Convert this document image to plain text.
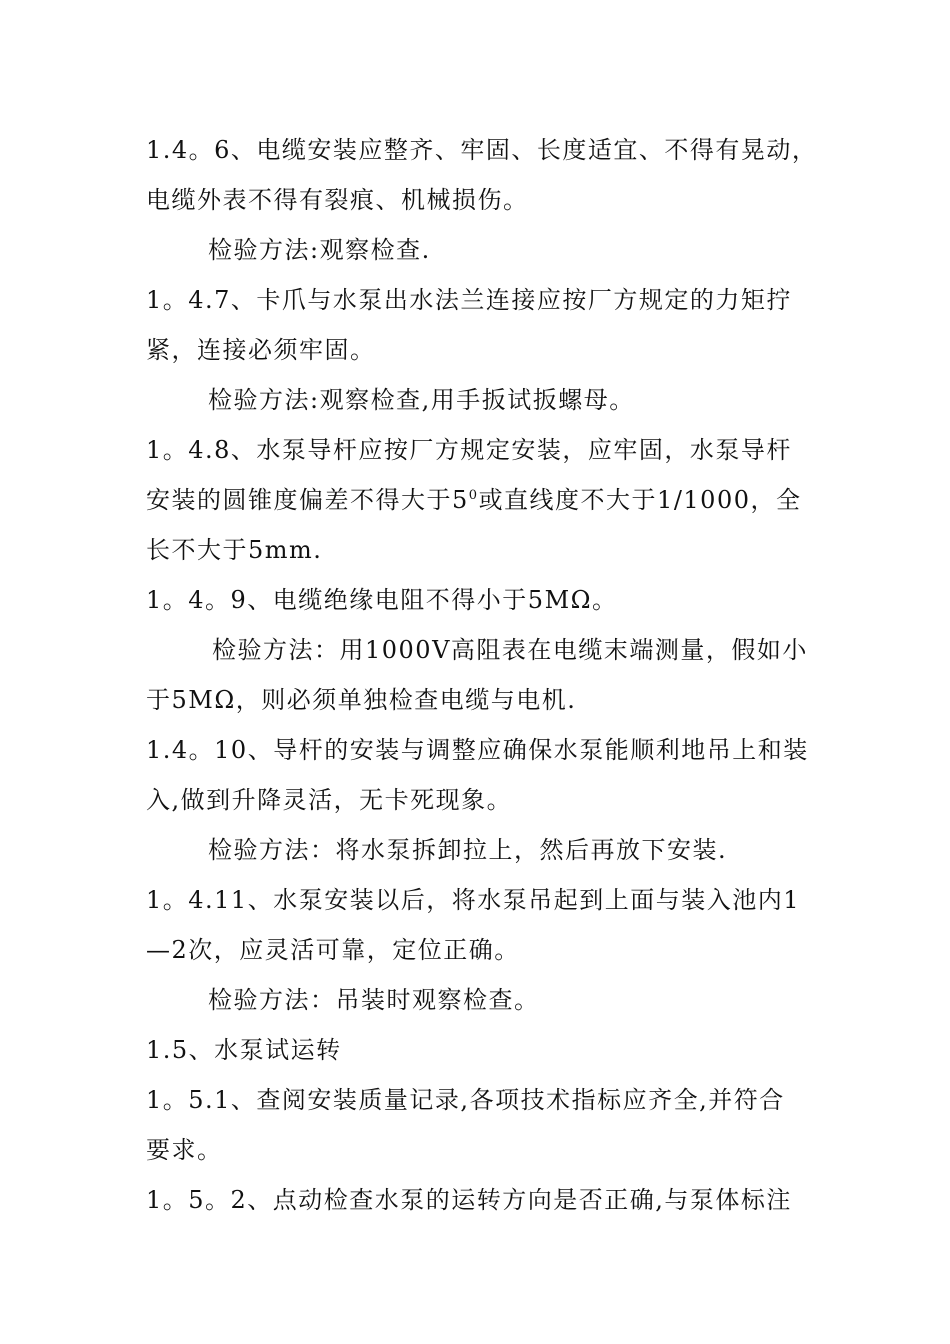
1.4。6、电缆安装应整齐、牢固、长度适宜、不得有晃动，
电缆外表不得有裂痕、机械损伤。
检验方法:观察检查.
1。4.7、卡爪与水泵出水法兰连接应按厂方规定的力矩拧
紧，连接必须牢固。
检验方法:观察检查,用手扳试扳螺母。
1。4.8、水泵导杆应按厂方规定安装，应牢固，水泵导杆
安装的圆锥度偏差不得大于$5^0$或直线度不大于1/1000，全
长不大于5mm.
1。4。9、电缆绝缘电阻不得小于5MΩ。
检验方法：用1000V高阻表在电缆末端测量，假如小
于5MΩ，则必须单独检查电缆与电机.
1.4。10、导杆的安装与调整应确保水泵能顺利地吊上和装
入,做到升降灵活，无卡死现象。
检验方法：将水泵拆卸拉上，然后再放下安装.
1。4.11、水泵安装以后，将水泵吊起到上面与装入池内1
—2次，应灵活可靠，定位正确。
检验方法：吊装时观察检查。
1.5、水泵试运转
1。5.1、查阅安装质量记录,各项技术指标应齐全,并符合
要求。
1。5。2、点动检查水泵的运转方向是否正确,与泵体标注
